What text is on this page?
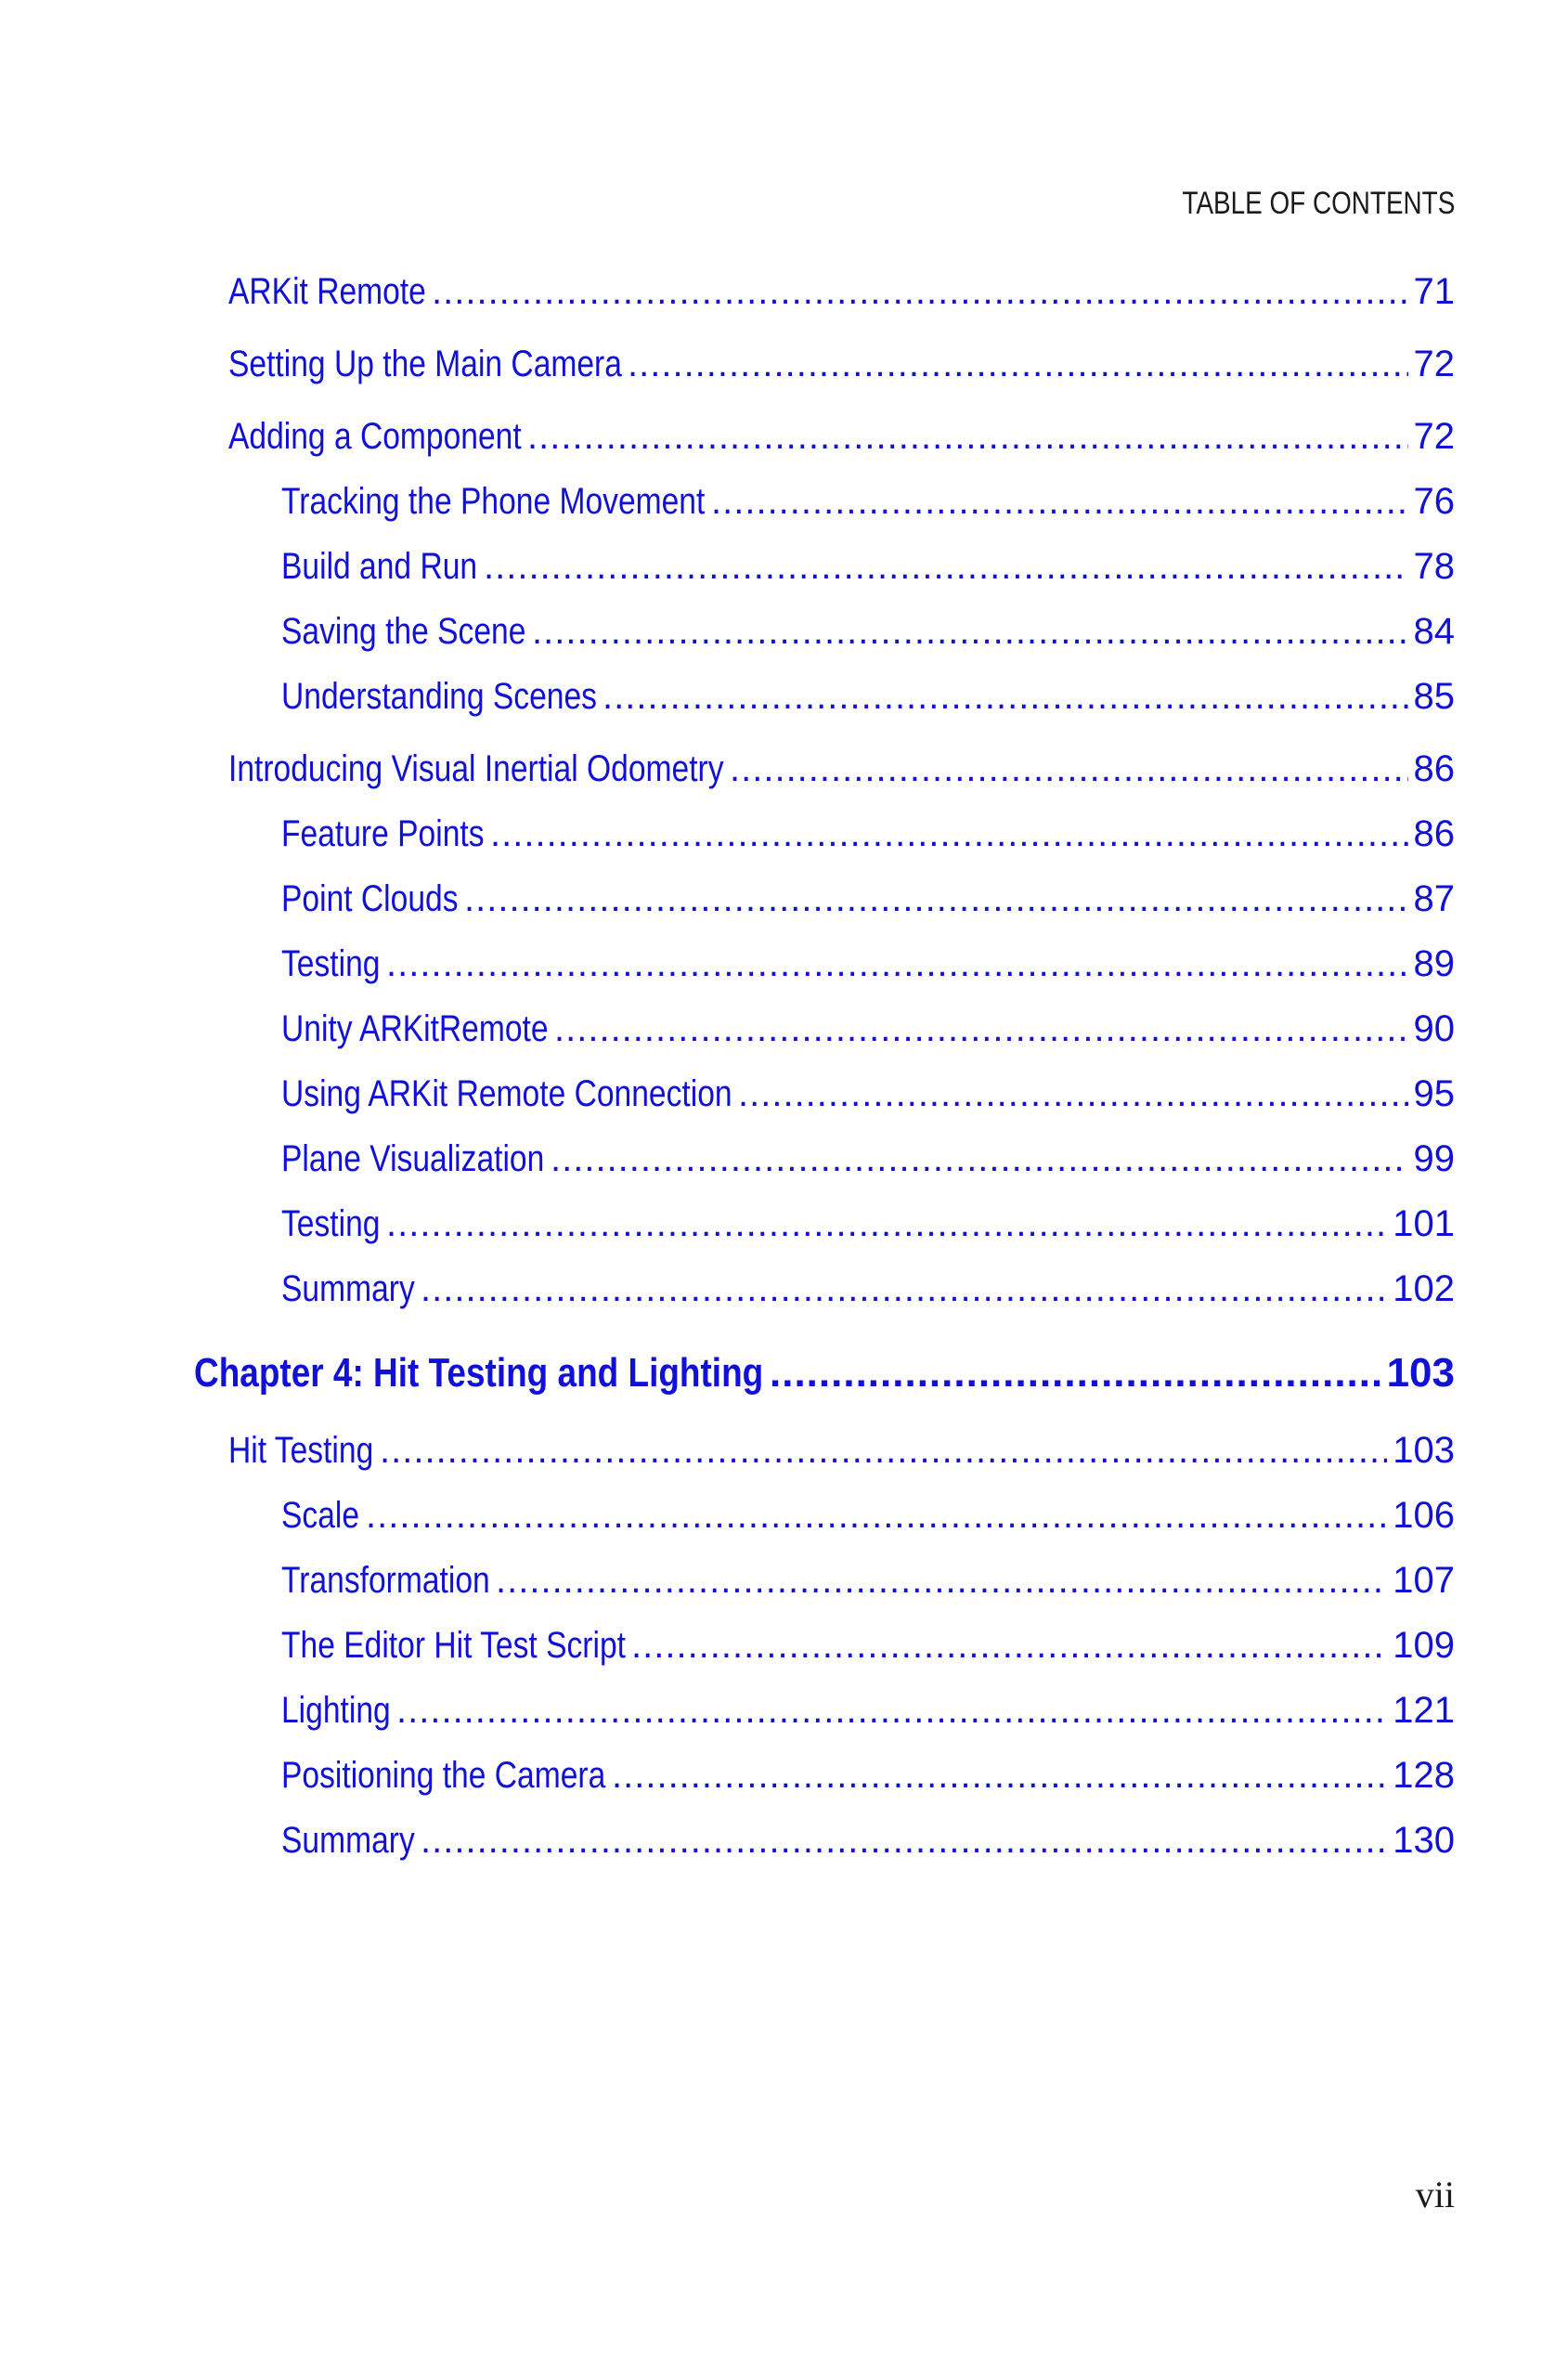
TABLE OF CONTENTS
ARKit Remote .....	71
Setting Up the Main Camera .....	72
Adding a Component .....	72
Tracking the Phone Movement .....	76
Build and Run .....	78
Saving the Scene .....	84
Understanding Scenes .....	85
Introducing Visual Inertial Odometry .....	86
Feature Points .....	86
Point Clouds .....	87
Testing .....	89
Unity ARKitRemote .....	90
Using ARKit Remote Connection .....	95
Plane Visualization .....	99
Testing .....	101
Summary .....	102
Chapter 4: Hit Testing and Lighting .....	103
Hit Testing .....	103
Scale .....	106
Transformation .....	107
The Editor Hit Test Script .....	109
Lighting .....	121
Positioning the Camera .....	128
Summary .....	130
vii
